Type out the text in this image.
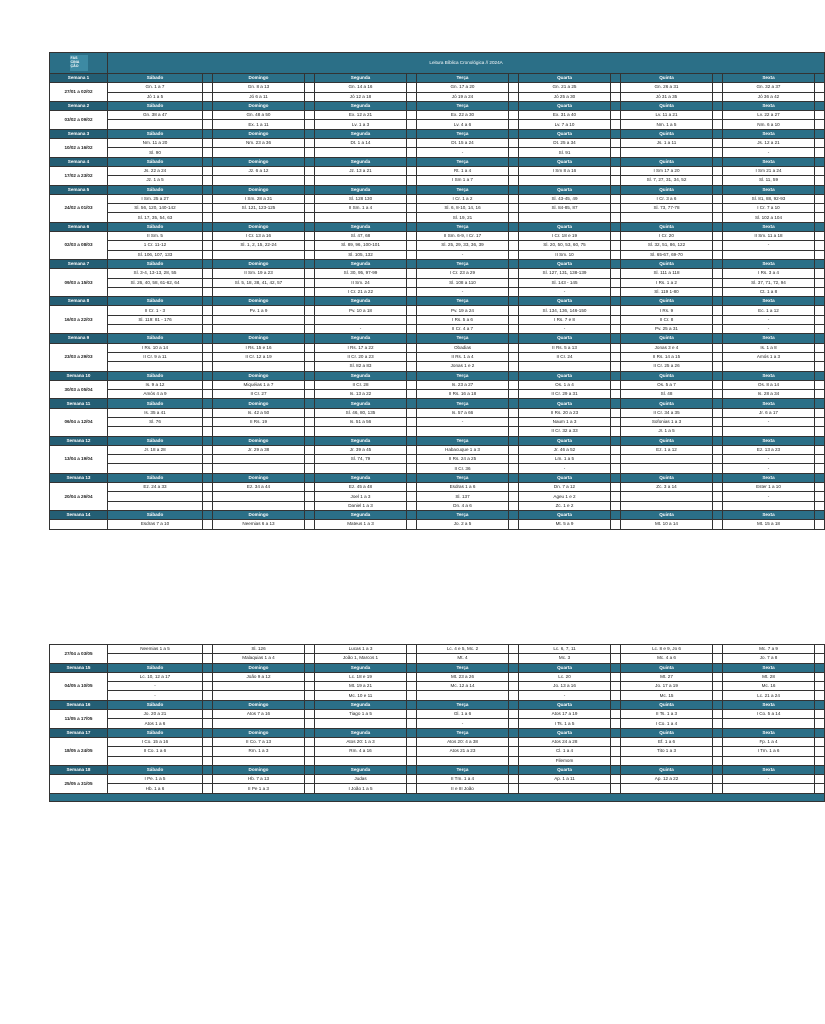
FAS
CINA
ÇÃO	Leitura Bíblica Cronológica // 2024A													
Semana 1	Sábado		Domingo		Segunda		Terça		Quarta		Quinta		Sexta	
27/01 a 02/02	Gn. 1 a 7		Gn. 8 a 13		Gn. 14 a 16		Gn. 17 a 20		Gn. 21 a 25		Gn. 26 a 31		Gn. 32 a 37	
	Jó 1 a 5		Jó 6 a 11		Jó 12 a 18		Jó 19 a 24		Jó 25 a 30		Jó 31 a 35		Jó 36 a 42	
Semana 2	Sábado		Domingo		Segunda		Terça		Quarta		Quinta		Sexta	
03/02 a 09/02	Gn. 38 a 47		Gn. 48 a 50		Ex. 12 a 21		Ex. 22 a 30		Ex. 31 a 40		Lv. 11 a 21		Lv. 22 a 27	
			Ex. 1 a 11		Lv. 1 a 3		Lv. 4 a 6		Lv. 7 a 10		Nm. 1 a 5		Nm. 6 a 10	
Semana 3	Sábado		Domingo		Segunda		Terça		Quarta		Quinta		Sexta	
10/02 a 16/02	Nm. 11 a 20		Nm. 23 a 36		Dt. 1 a 14		Dt. 15 a 24		Dt. 25 a 34		Js. 1 a 11		Js. 12 a 21	
	Sl. 90						-		Sl. 91				-	
Semana 4	Sábado		Domingo		Segunda		Terça		Quarta		Quinta		Sexta	
17/02 a 23/02	Js. 22 a 24		Jz. 6 a 12		Jz. 13 a 21		Rt. 1 a 4		I Sm 8 a 16		I Sm 17 a 20		I Sm 21 a 24	
	Jz. 1 a 5						I Sm 1 a 7				Sl. 7, 27, 31, 34, 52		Sl. 11, 59	
Semana 5	Sábado		Domingo		Segunda		Terça		Quarta		Quinta		Sexta	
24/02 a 01/03	I Sm. 25 a 27		I Sm. 28 a 31		Sl. 128 130		I Cr. 1 a 2		Sl. 43-45, 49		I Cr. 3 a 6		Sl. 81, 88, 92-93	
	Sl. 56, 120, 140-142		Sl. 121, 123-125		II Sm. 1 a 4		Sl. 6, 8-10, 14, 16		Sl. 84-85, 87		Sl. 73, 77-78		I Cr. 7 a 10	
	Sl. 17, 35, 54, 63						Sl. 19, 21						Sl. 102 a 104	
Semana 6	Sábado		Domingo		Segunda		Terça		Quarta		Quinta		Sexta	
02/03 a 08/03	II Sm. 5		I Cr. 13 a 16		Sl. 47, 68		II Sm. 6-9, I Cr. 17		I Cr. 18 e 19		I Cr. 20		II Sm. 11 a 18	
	1 Cr. 11-12		Sl. 1, 2, 15, 22-24		Sl. 89, 96, 100-101		Sl. 25, 29, 33, 36, 39		Sl. 20, 50, 53, 60, 75		Sl. 32, 51, 86, 122		-	
	Sl. 106, 107, 133				Sl. 105, 132		-		II Sm. 10		Sl. 65-67, 69-70			
Semana 7	Sábado		Domingo		Segunda		Terça		Quarta		Quinta		Sexta	
09/03 a 15/03	Sl. 3-4, 13-13, 28, 55		II Sm. 19 a 23		Sl. 30, 95, 97-99		I Cr. 23 a 29		Sl. 127, 131, 138-139		Sl. 111 a 118		I Rs. 3 a 4	
	Sl. 26, 40, 58, 61-62, 64		Sl. 5, 18, 38, 41, 42, 57		II Sm. 24		Sl. 108 a 110		Sl. 143 - 145		I Rs. 1 a 2		Sl. 37, 71, 72, 94	
					I Cr. 21 a 22		-		-		Sl. 119 1-80		Ct. 1 a 8	
Semana 8	Sábado		Domingo		Segunda		Terça		Quarta		Quinta		Sexta	
16/03 a 22/03	II Cr. 1 - 3		Pv. 1 a 9		Pv. 10 a 18		Pv. 19 a 24		Sl. 134, 136, 146-150		I Rs. 9		Ec. 1 a 12	
	Sl. 119: 81 - 176						I Rs. 5 a 6		I Rs. 7 e 8		II Cr. 8		-	
					-		II Cr. 4 a 7		-		Pv. 25 a 31		-	
Semana 9	Sábado		Domingo		Segunda		Terça		Quarta		Quinta		Sexta	
23/03 a 29/03	I Rs. 10 a 14		I Rs. 15 e 16		I Rs. 17 a 22		Obadias		II Rs. 5 a 13		Jonas 3 e 4		Is. 1 a 8	
	II Cr. 9 a 11		II Cr. 12 a 19		II Cr. 20 a 23		II Rs. 1 a 4		II Cr. 24		II Rs. 14 a 15		Amós 1 a 3	
					Sl. 82 a 83		Jonas 1 e 2				II Cr. 25 a 26			
Semana 10	Sábado		Domingo		Segunda		Terça		Quarta		Quinta		Sexta	
30/03 a 05/04	Is. 9 a 12		Miquéias 1 a 7		II Cr. 28		Is. 23 a 27		Os. 1 a 4		Os. 5 a 7		Os. 8 a 14	
	Amós 4 a 9		II Cr. 27		Is. 13 a 22		II Rs. 16 a 18		II Cr. 29 a 31		Sl. 48		Is. 28 a 34	
Semana 11	Sábado		Domingo		Segunda		Terça		Quarta		Quinta		Sexta	
06/04 a 12/04	Is. 35 a 41		Is. 42 a 50		Sl. 46, 80, 135		Is. 57 a 66		II Rs. 20 a 23		II Cr. 34 a 35		Jr. 6 a 17	
	Sl. 76		II Rs. 19		Is. 51 a 56		-		Naum 1 a 3		Sofonias 1 a 3		-	
									II Cr. 32 a 33		Jr. 1 a 5			
Semana 12	Sábado		Domingo		Segunda		Terça		Quarta		Quinta		Sexta	
13/04 a 19/04	Jr. 18 a 28		Jr. 29 a 38		Jr. 39 a 45		Habacuque 1 a 3		Jr. 46 a 52		Ez. 1 a 12		Ez. 13 a 23	
					Sl. 74, 79		II Rs. 24 a 25		Lm. 1 a 5				-	
							II Cr. 36		-				-	
Semana 13	Sábado		Domingo		Segunda		Terça		Quarta		Quinta		Sexta	
20/04 a 26/04	Ez. 24 a 33		Ez. 34 a 44		Ez. 45 a 48		Esdras 1 a 6		Dn. 7 a 12		Zc. 3 a 14		Ester 1 a 10	
					Joel 1 a 3		Sl. 137		Ageu 1 e 2				-	
					Daniel 1 a 3		Dn. 4 a 6		Zc. 1 e 2					
Semana 14	Sábado		Domingo		Segunda		Terça		Quarta		Quinta		Sexta	
	Esdras 7 a 10		Neemias 6 a 13		Mateus 1 a 3		Jo. 2 a 5		Mt. 5 a 9		Mt. 10 a 14		Mt. 15 a 18	
27/04 a 03/05	Neemias 1 a 5		Sl. 126		Lucas 1 a 3		Lc. 4 e 5, Mc. 2		Lc. 6, 7, 11		Lc. 8 e 9, Jo 6		Mc. 7 a 9	
			Malaquias 1 a 4		João 1, Marcos 1		Mt. 4		Mc. 3		Mc. 4 a 6		Jo. 7 a 8	
Semana 15	Sábado		Domingo		Segunda		Terça		Quarta		Quinta		Sexta	
04/05 a 10/05	Lc. 10, 12 a 17		João 9 a 12		Lc. 18 e 19		Mt. 23 a 26		Lc. 20		Mt. 27		Mt. 28	
	-				Mt. 19 a 21		Mc. 12 a 14		Jo. 13 a 16		Jo. 17 a 19		Mc. 16	
	-				Mc. 10 e 11				-		Mc. 15		Lc. 21 a 24	
Semana 16	Sábado		Domingo		Segunda		Terça		Quarta		Quinta		Sexta	
11/05 a 17/05	Jo. 20 a 21		Atos 7 a 16		Tiago 1 a 5		Gl. 1 a 6		Atos 17 a 19		II Ts. 1 a 3		I Co. 5 a 14	
	Atos 1 a 6						-		I Ts. 1 a 5		I Co. 1 a 4			
Semana 17	Sábado		Domingo		Segunda		Terça		Quarta		Quinta		Sexta	
18/05 a 24/05	I Co. 15 a 16		II Co. 7 a 13		Atos 20: 1 a 3		Atos 20: 4 a 38		Atos 24 a 28		Ef. 1 a 6		Fp. 1 a 4	
	II Co. 1 a 6		Rm. 1 a 3		Rm. 4 a 16		Atos 21 a 23		Cl. 1 a 4		Tito 1 a 3		I Tm. 1 a 6	
									Filemom					
Semana 18	Sábado		Domingo		Segunda		Terça		Quarta		Quinta		Sexta	
25/05 a 31/05	I Pe. 1 a 5		Hb. 7 a 13		Judas		II Tm. 1 a 4		Ap. 1 a 11		Ap. 12 a 22		-	
	Hb. 1 a 6		II Pe 1 a 3		I João 1 a 5		II e III João							
